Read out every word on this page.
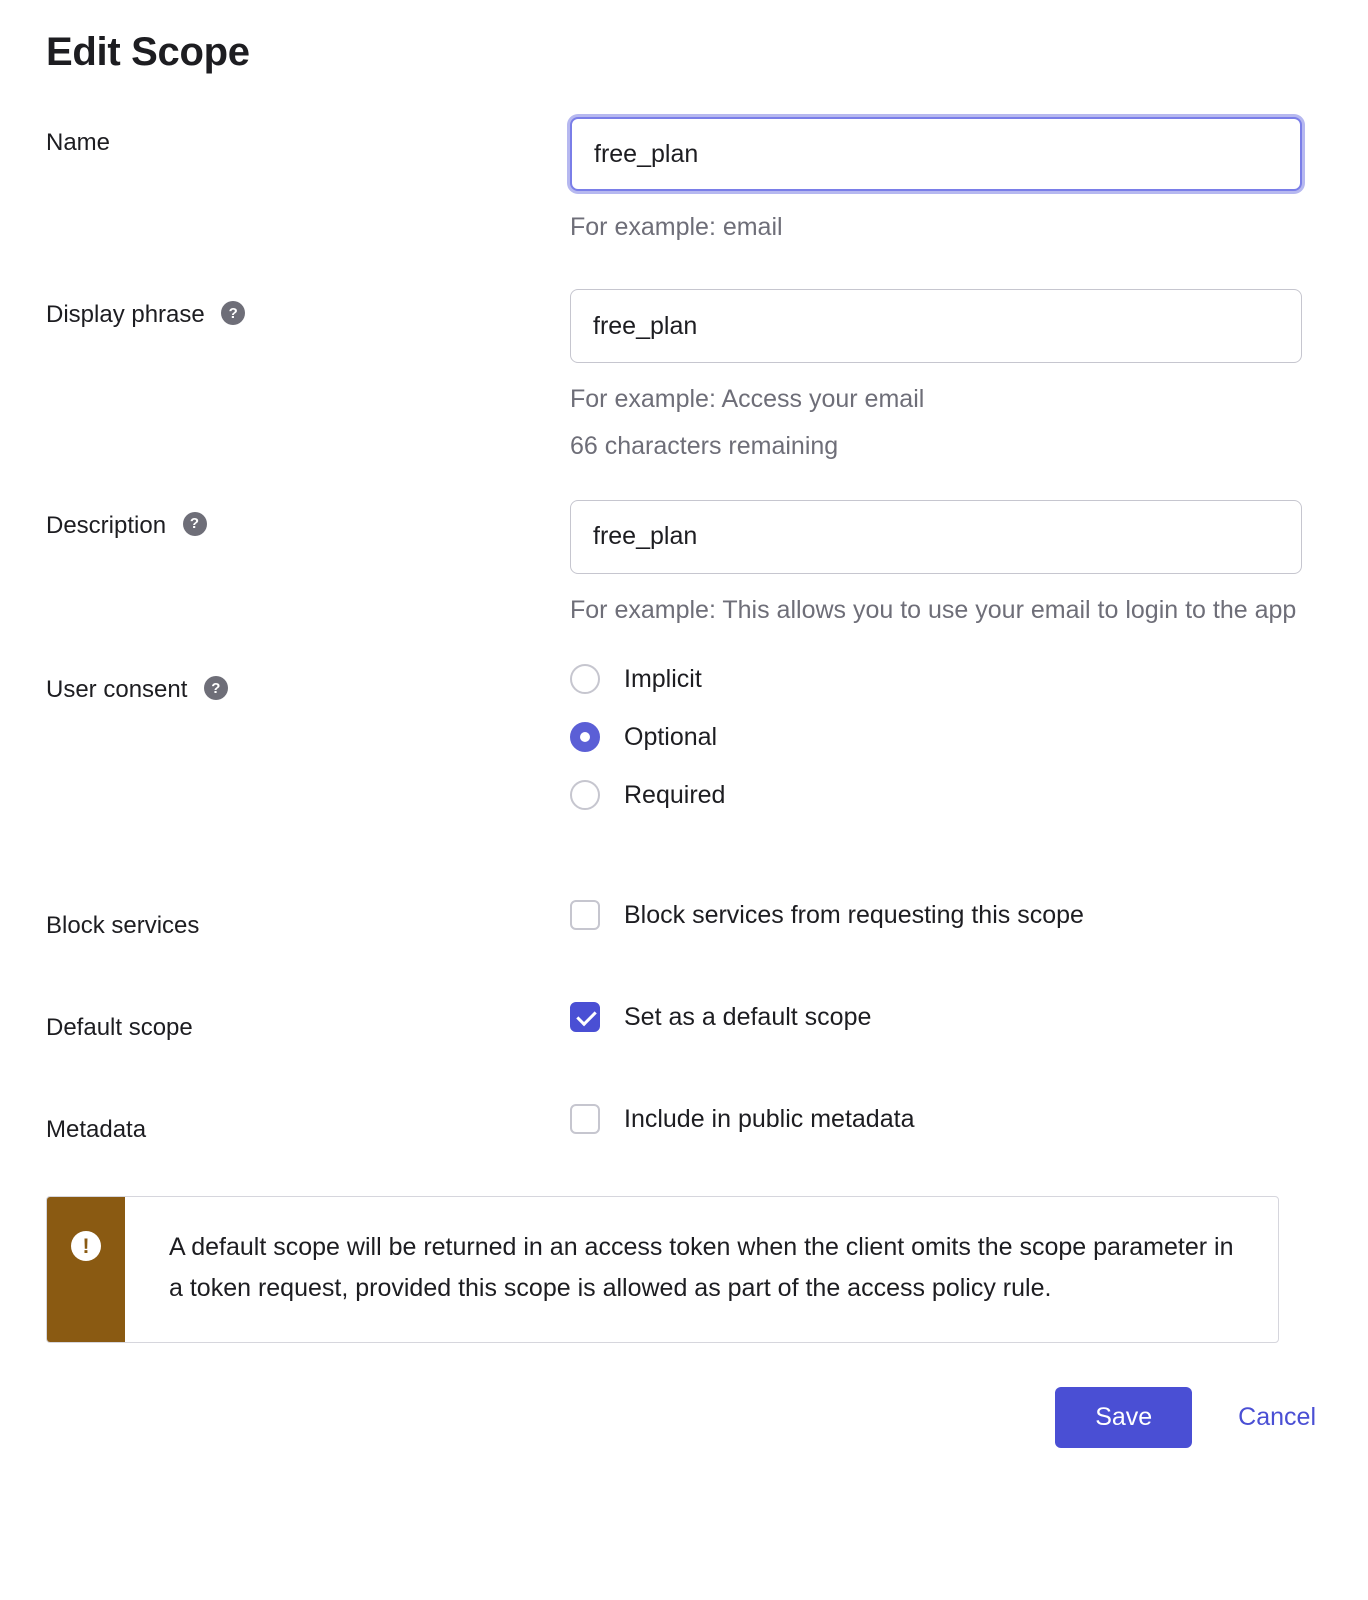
Edit Scope
Name
free_plan
For example: email
Display phrase ?
free_plan
For example: Access your email
66 characters remaining
Description ?
free_plan
For example: This allows you to use your email to login to the app
User consent ?	Implicit
Optional
Required
Block services	Block services from requesting this scope
Default scope	Set as a default scope
Metadata	Include in public metadata
!	A default scope will be returned in an access token when the client omits the scope parameter in a token request, provided this scope is allowed as part of the access policy rule.
Save	Cancel
